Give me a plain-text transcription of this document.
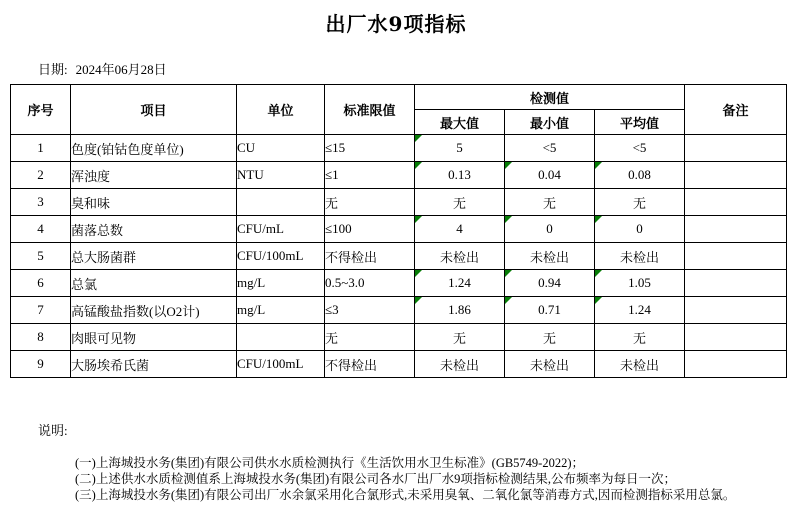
出厂水9项指标
日期: 2024年06月28日
序号	项目	单位	标准限值	检测值			备注
				最大值	最小值	平均值	
1	色度(铂钴色度单位)	CU	≤15	5	<5	<5	
2	浑浊度	NTU	≤1	0.13	0.04	0.08	
3	臭和味		无	无	无	无	
4	菌落总数	CFU/mL	≤100	4	0	0	
5	总大肠菌群	CFU/100mL	不得检出	未检出	未检出	未检出	
6	总氯	mg/L	0.5~3.0	1.24	0.94	1.05	
7	高锰酸盐指数(以O2计)	mg/L	≤3	1.86	0.71	1.24	
8	肉眼可见物		无	无	无	无	
9	大肠埃希氏菌	CFU/100mL	不得检出	未检出	未检出	未检出	
说明:
(一)上海城投水务(集团)有限公司供水水质检测执行《生活饮用水卫生标准》(GB5749-2022)；
(二)上述供水水质检测值系上海城投水务(集团)有限公司各水厂出厂水9项指标检测结果,公布频率为每日一次；
(三)上海城投水务(集团)有限公司出厂水余氯采用化合氯形式,未采用臭氧、二氧化氯等消毒方式,因而检测指标采用总氯。
